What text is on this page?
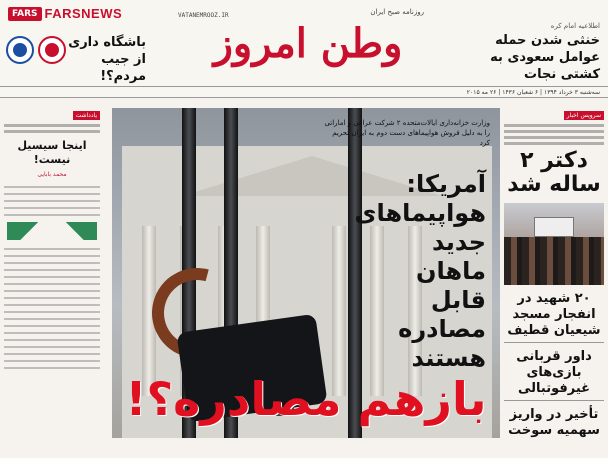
FARS FARSNEWS
باشگاه داری از جیب مردم؟!
روزنامه صبح ایران
VATANEMROOZ.IR
وطن امروز	اطلاعیه امام کره
خنثی شدن حمله عوامل سعودی به کشتی نجات
سه‌شنبه ۳ خرداد ۱۳۹۴ | ۶ شعبان ۱۴۳۶ | ۲۶ مه ۲۰۱۵
سرویس اخبار
دکتر ۲ ساله شد
۲۰ شهید در انفجار مسجد شیعیان قطیف
داور قربانی بازی‌های غیرفوتبالی
تأخیر در واریز سهمیه سوخت
یادداشت
اینجا سیسیل نیست!
محمد بابایی
وزارت خزانه‌داری ایالات‌متحده ۲ شرکت عراقی و اماراتی را به دلیل فروش هواپیماهای دست دوم به ایران تحریم کرد
آمریکا: هواپیماهای جدید ماهان قابل مصادره هستند
بازهم مصادره؟!
